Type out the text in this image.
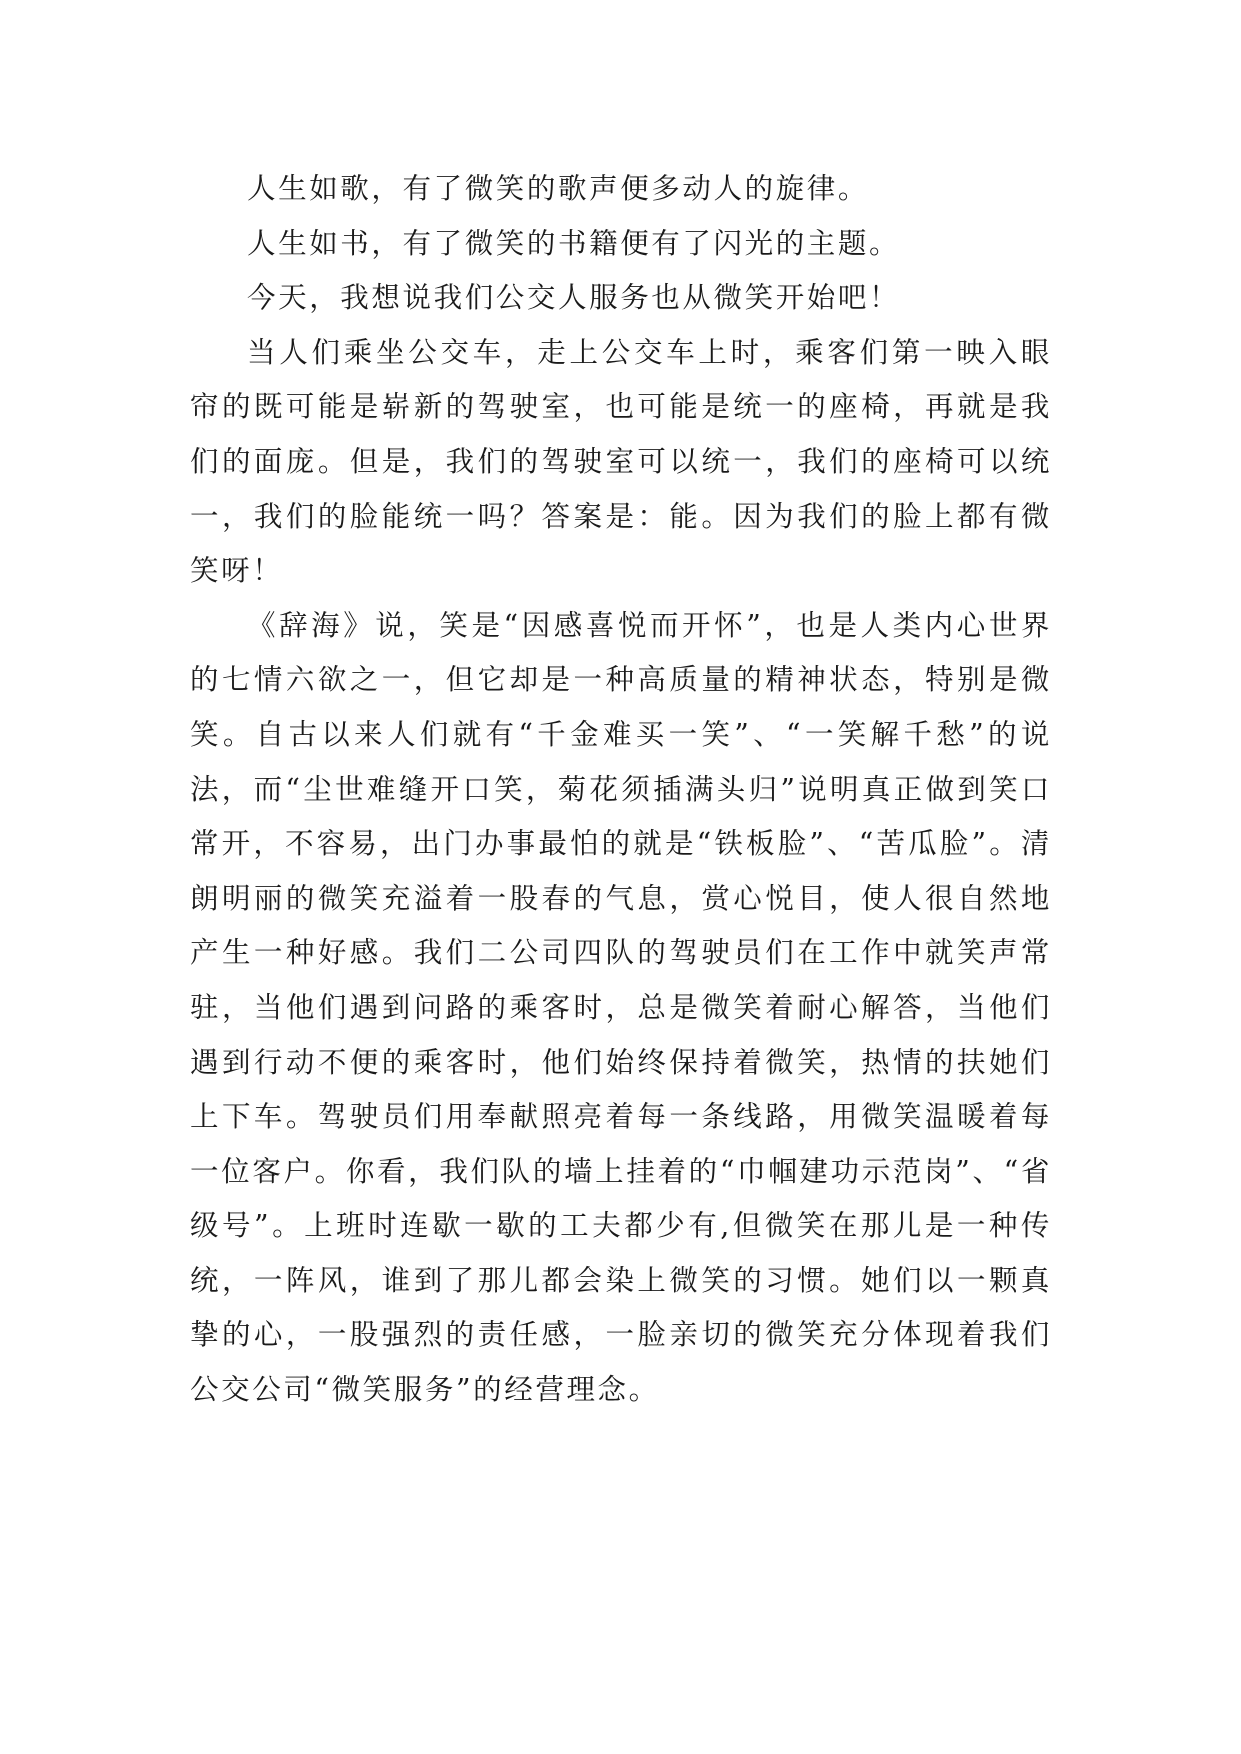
人生如歌，有了微笑的歌声便多动人的旋律。

人生如书，有了微笑的书籍便有了闪光的主题。

今天，我想说我们公交人服务也从微笑开始吧！

当人们乘坐公交车，走上公交车上时，乘客们第一映入眼帘的既可能是崭新的驾驶室，也可能是统一的座椅，再就是我们的面庞。但是，我们的驾驶室可以统一，我们的座椅可以统一，我们的脸能统一吗？答案是：能。因为我们的脸上都有微笑呀！

《辞海》说，笑是“因感喜悦而开怀”，也是人类内心世界的七情六欲之一，但它却是一种高质量的精神状态，特别是微笑。自古以来人们就有“千金难买一笑”、“一笑解千愁”的说法，而“尘世难缝开口笑，菊花须插满头归”说明真正做到笑口常开，不容易，出门办事最怕的就是“铁板脸”、“苦瓜脸”。清朗明丽的微笑充溢着一股春的气息，赏心悦目，使人很自然地产生一种好感。我们二公司四队的驾驶员们在工作中就笑声常驻，当他们遇到问路的乘客时，总是微笑着耐心解答，当他们遇到行动不便的乘客时，他们始终保持着微笑，热情的扶她们上下车。驾驶员们用奉献照亮着每一条线路，用微笑温暖着每一位客户。你看，我们队的墙上挂着的“巾帼建功示范岗”、“省级号”。上班时连歇一歇的工夫都少有,但微笑在那儿是一种传统，一阵风，谁到了那儿都会染上微笑的习惯。她们以一颗真挚的心，一股强烈的责任感，一脸亲切的微笑充分体现着我们公交公司“微笑服务”的经营理念。
